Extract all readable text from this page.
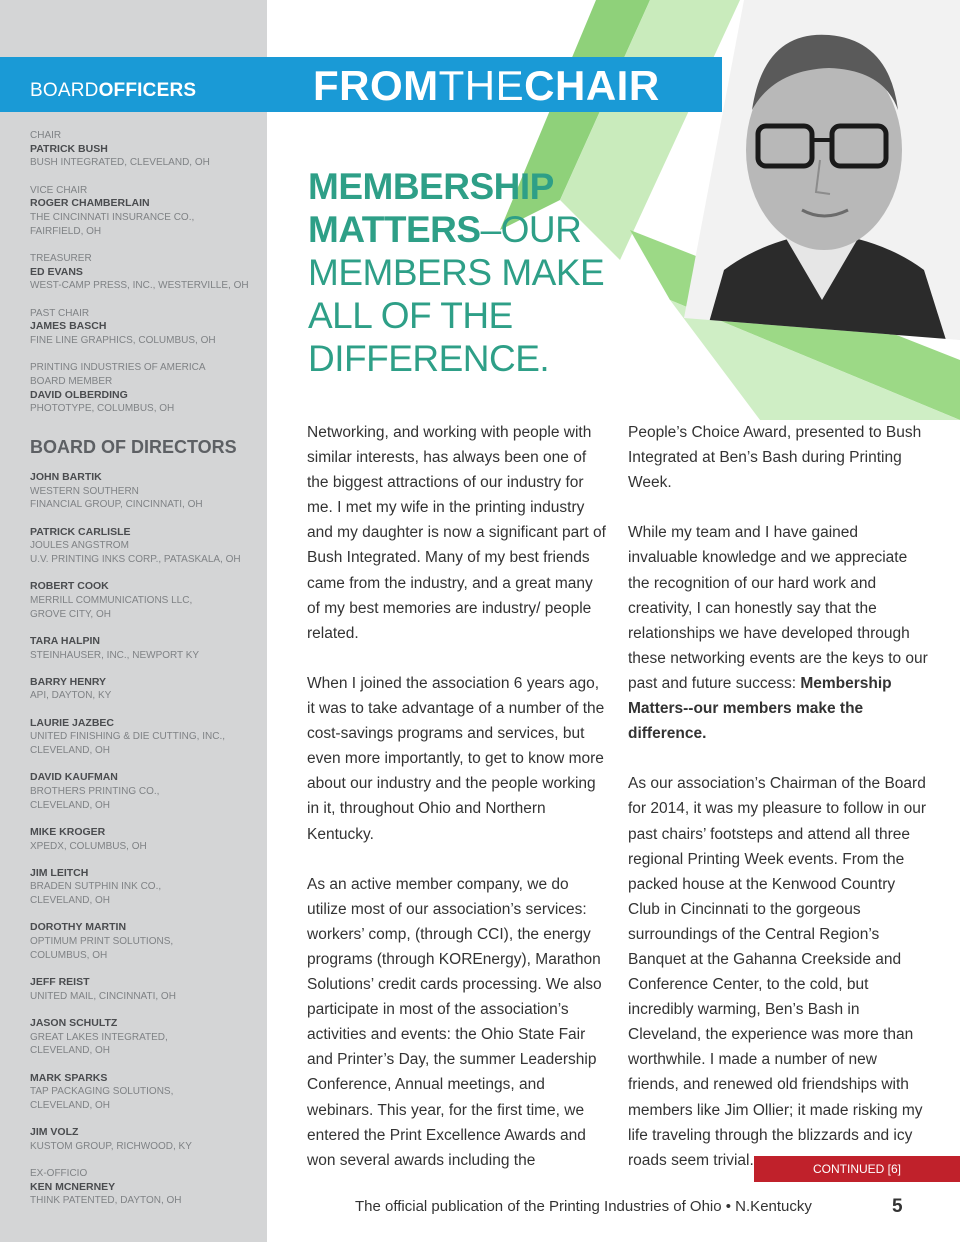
BOARDOFFICERS	FROMTHECHAIR
CHAIR
PATRICK BUSH
BUSH INTEGRATED, CLEVELAND, OH
VICE CHAIR
ROGER CHAMBERLAIN
THE CINCINNATI INSURANCE CO.,
FAIRFIELD, OH
TREASURER
ED EVANS
WEST-CAMP PRESS, INC., WESTERVILLE, OH
PAST CHAIR
JAMES BASCH
FINE LINE GRAPHICS, COLUMBUS, OH
PRINTING INDUSTRIES OF AMERICA
BOARD MEMBER
DAVID OLBERDING
PHOTOTYPE, COLUMBUS, OH
BOARD OF DIRECTORS
JOHN BARTIK
WESTERN SOUTHERN
FINANCIAL GROUP, CINCINNATI, OH
PATRICK CARLISLE
JOULES ANGSTROM
U.V. PRINTING INKS CORP., PATASKALA, OH
ROBERT COOK
MERRILL COMMUNICATIONS LLC,
GROVE CITY, OH
TARA HALPIN
STEINHAUSER, INC., NEWPORT KY
BARRY HENRY
API, DAYTON, KY
LAURIE JAZBEC
UNITED FINISHING & DIE CUTTING, INC.,
CLEVELAND, OH
DAVID KAUFMAN
BROTHERS PRINTING CO.,
CLEVELAND, OH
MIKE KROGER
XPEDX, COLUMBUS, OH
JIM LEITCH
BRADEN SUTPHIN INK CO.,
CLEVELAND, OH
DOROTHY MARTIN
OPTIMUM PRINT SOLUTIONS,
COLUMBUS, OH
JEFF REIST
UNITED MAIL, CINCINNATI, OH
JASON SCHULTZ
GREAT LAKES INTEGRATED,
CLEVELAND, OH
MARK SPARKS
TAP PACKAGING SOLUTIONS,
CLEVELAND, OH
JIM VOLZ
KUSTOM GROUP, RICHWOOD, KY
EX-OFFICIO
KEN MCNERNEY
THINK PATENTED, DAYTON, OH
MEMBERSHIP
MATTERS–OUR
MEMBERS MAKE
ALL OF THE
DIFFERENCE.

Networking, and working with people with similar interests, has always been one of the biggest attractions of our industry for me. I met my wife in the printing industry and my daughter is now a significant part of Bush Integrated. Many of my best friends came from the industry, and a great many of my best memories are industry/ people related.

When I joined the association 6 years ago, it was to take advantage of a number of the cost-savings programs and services, but even more importantly, to get to know more about our industry and the people working in it, throughout Ohio and Northern Kentucky.

As an active member company, we do utilize most of our association’s services: workers’ comp, (through CCI), the energy programs (through KOREnergy), Marathon Solutions’ credit cards processing. We also participate in most of the association’s activities and events: the Ohio State Fair and Printer’s Day, the summer Leadership Conference, Annual meetings, and webinars. This year, for the first time, we entered the Print Excellence Awards and won several awards including the

People’s Choice Award, presented to Bush Integrated at Ben’s Bash during Printing Week.

While my team and I have gained invaluable knowledge and we appreciate the recognition of our hard work and creativity, I can honestly say that the relationships we have developed through these networking events are the keys to our past and future success: Membership Matters--our members make the difference.

As our association’s Chairman of the Board for 2014, it was my pleasure to follow in our past chairs’ footsteps and attend all three regional Printing Week events. From the packed house at the Kenwood Country Club in Cincinnati to the gorgeous surroundings of the Central Region’s Banquet at the Gahanna Creekside and Conference Center, to the cold, but incredibly warming, Ben’s Bash in Cleveland, the experience was more than worthwhile. I made a number of new friends, and renewed old friendships with members like Jim Ollier; it made risking my life traveling through the blizzards and icy roads seem trivial.

CONTINUED [6]
The official publication of the Printing Industries of Ohio • N.Kentucky	5
